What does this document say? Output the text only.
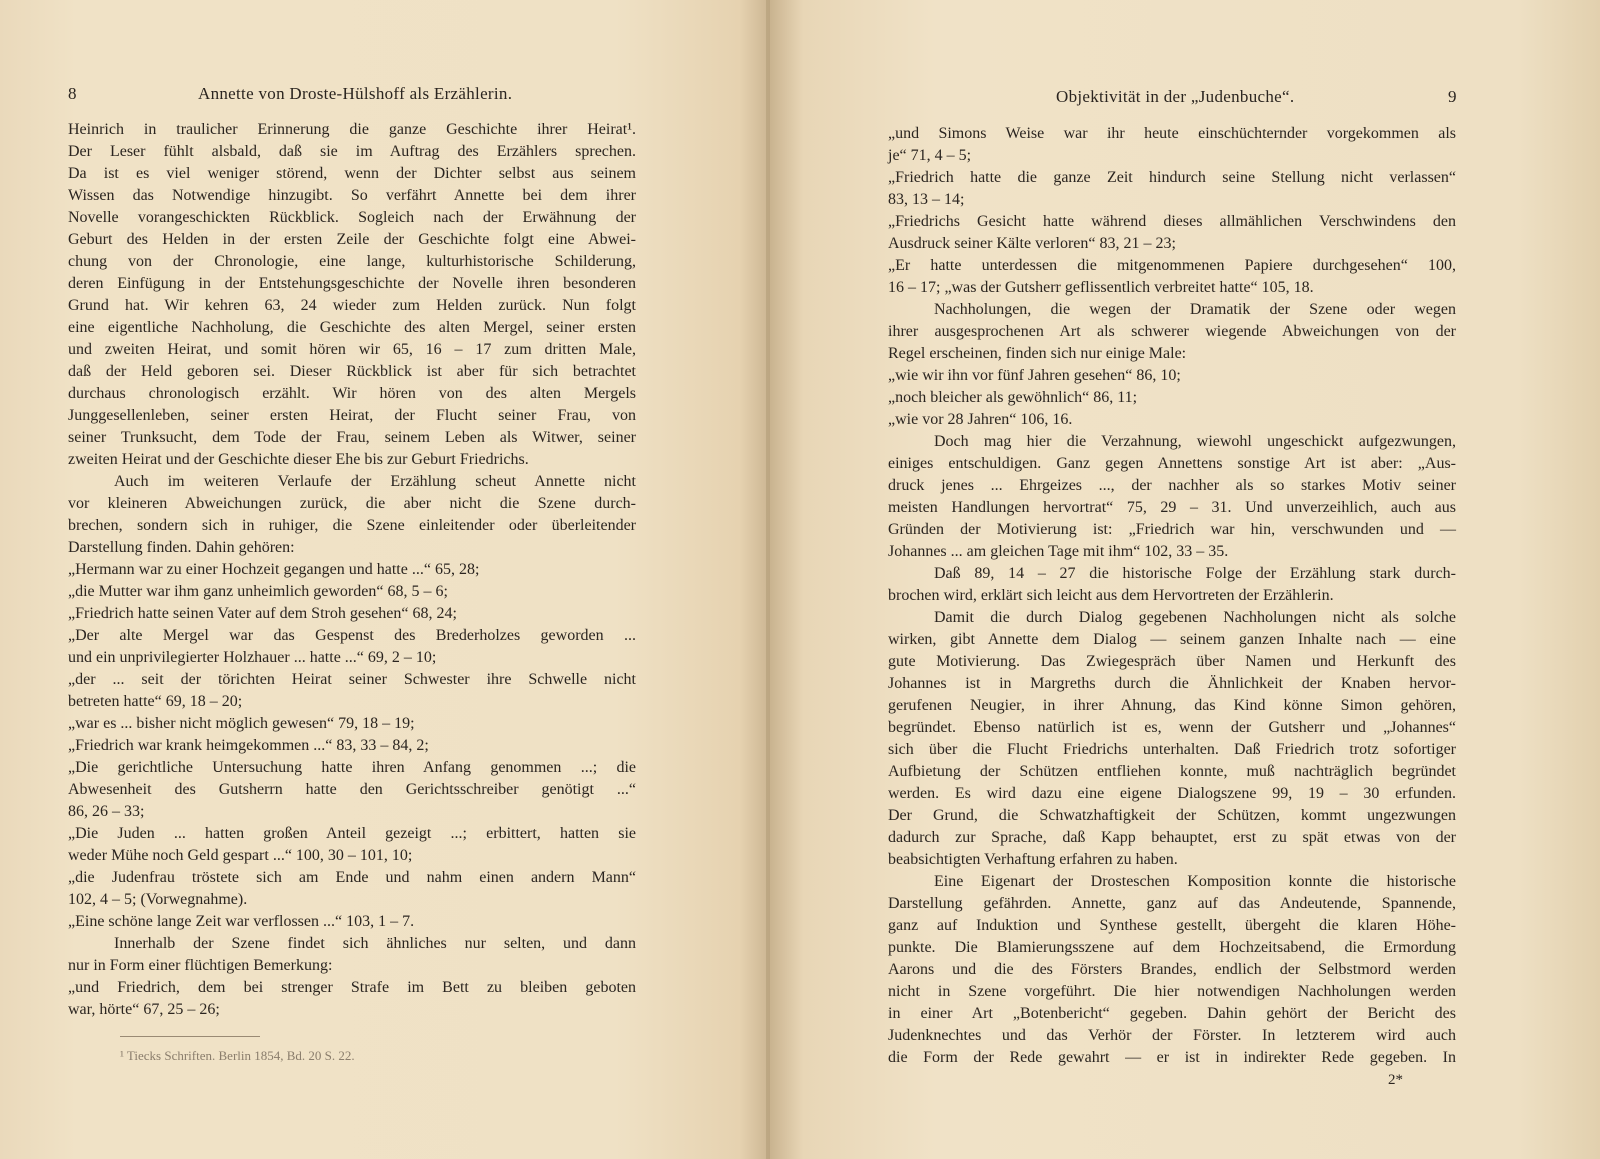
8	Annette von Droste-Hülshoff als Erzählerin.
Heinrich in traulicher Erinnerung die ganze Geschichte ihrer Heirat¹.
Der Leser fühlt alsbald, daß sie im Auftrag des Erzählers sprechen.
Da ist es viel weniger störend, wenn der Dichter selbst aus seinem
Wissen das Notwendige hinzugibt. So verfährt Annette bei dem ihrer
Novelle vorangeschickten Rückblick. Sogleich nach der Erwähnung der
Geburt des Helden in der ersten Zeile der Geschichte folgt eine Abwei-
chung von der Chronologie, eine lange, kulturhistorische Schilderung,
deren Einfügung in der Entstehungsgeschichte der Novelle ihren besonderen
Grund hat. Wir kehren 63, 24 wieder zum Helden zurück. Nun folgt
eine eigentliche Nachholung, die Geschichte des alten Mergel, seiner ersten
und zweiten Heirat, und somit hören wir 65, 16 – 17 zum dritten Male,
daß der Held geboren sei. Dieser Rückblick ist aber für sich betrachtet
durchaus chronologisch erzählt. Wir hören von des alten Mergels
Junggesellenleben, seiner ersten Heirat, der Flucht seiner Frau, von
seiner Trunksucht, dem Tode der Frau, seinem Leben als Witwer, seiner
zweiten Heirat und der Geschichte dieser Ehe bis zur Geburt Friedrichs.
Auch im weiteren Verlaufe der Erzählung scheut Annette nicht
vor kleineren Abweichungen zurück, die aber nicht die Szene durch-
brechen, sondern sich in ruhiger, die Szene einleitender oder überleitender
Darstellung finden. Dahin gehören:
„Hermann war zu einer Hochzeit gegangen und hatte ...“ 65, 28;
„die Mutter war ihm ganz unheimlich geworden“ 68, 5 – 6;
„Friedrich hatte seinen Vater auf dem Stroh gesehen“ 68, 24;
„Der alte Mergel war das Gespenst des Brederholzes geworden ...
und ein unprivilegierter Holzhauer ... hatte ...“ 69, 2 – 10;
„der ... seit der törichten Heirat seiner Schwester ihre Schwelle nicht
betreten hatte“ 69, 18 – 20;
„war es ... bisher nicht möglich gewesen“ 79, 18 – 19;
„Friedrich war krank heimgekommen ...“ 83, 33 – 84, 2;
„Die gerichtliche Untersuchung hatte ihren Anfang genommen ...; die
Abwesenheit des Gutsherrn hatte den Gerichtsschreiber genötigt ...“
86, 26 – 33;
„Die Juden ... hatten großen Anteil gezeigt ...; erbittert, hatten sie
weder Mühe noch Geld gespart ...“ 100, 30 – 101, 10;
„die Judenfrau tröstete sich am Ende und nahm einen andern Mann“
102, 4 – 5; (Vorwegnahme).
„Eine schöne lange Zeit war verflossen ...“ 103, 1 – 7.
Innerhalb der Szene findet sich ähnliches nur selten, und dann
nur in Form einer flüchtigen Bemerkung:
„und Friedrich, dem bei strenger Strafe im Bett zu bleiben geboten
war, hörte“ 67, 25 – 26;
¹ Tiecks Schriften. Berlin 1854, Bd. 20 S. 22.
Objektivität in der „Judenbuche“.	9
2*
„und Simons Weise war ihr heute einschüchternder vorgekommen als
je“ 71, 4 – 5;
„Friedrich hatte die ganze Zeit hindurch seine Stellung nicht verlassen“
83, 13 – 14;
„Friedrichs Gesicht hatte während dieses allmählichen Verschwindens den
Ausdruck seiner Kälte verloren“ 83, 21 – 23;
„Er hatte unterdessen die mitgenommenen Papiere durchgesehen“ 100,
16 – 17; „was der Gutsherr geflissentlich verbreitet hatte“ 105, 18.
Nachholungen, die wegen der Dramatik der Szene oder wegen
ihrer ausgesprochenen Art als schwerer wiegende Abweichungen von der
Regel erscheinen, finden sich nur einige Male:
„wie wir ihn vor fünf Jahren gesehen“ 86, 10;
„noch bleicher als gewöhnlich“ 86, 11;
„wie vor 28 Jahren“ 106, 16.
Doch mag hier die Verzahnung, wiewohl ungeschickt aufgezwungen,
einiges entschuldigen. Ganz gegen Annettens sonstige Art ist aber: „Aus-
druck jenes ... Ehrgeizes ..., der nachher als so starkes Motiv seiner
meisten Handlungen hervortrat“ 75, 29 – 31. Und unverzeihlich, auch aus
Gründen der Motivierung ist: „Friedrich war hin, verschwunden und —
Johannes ... am gleichen Tage mit ihm“ 102, 33 – 35.
Daß 89, 14 – 27 die historische Folge der Erzählung stark durch-
brochen wird, erklärt sich leicht aus dem Hervortreten der Erzählerin.
Damit die durch Dialog gegebenen Nachholungen nicht als solche
wirken, gibt Annette dem Dialog — seinem ganzen Inhalte nach — eine
gute Motivierung. Das Zwiegespräch über Namen und Herkunft des
Johannes ist in Margreths durch die Ähnlichkeit der Knaben hervor-
gerufenen Neugier, in ihrer Ahnung, das Kind könne Simon gehören,
begründet. Ebenso natürlich ist es, wenn der Gutsherr und „Johannes“
sich über die Flucht Friedrichs unterhalten. Daß Friedrich trotz sofortiger
Aufbietung der Schützen entfliehen konnte, muß nachträglich begründet
werden. Es wird dazu eine eigene Dialogszene 99, 19 – 30 erfunden.
Der Grund, die Schwatzhaftigkeit der Schützen, kommt ungezwungen
dadurch zur Sprache, daß Kapp behauptet, erst zu spät etwas von der
beabsichtigten Verhaftung erfahren zu haben.
Eine Eigenart der Drosteschen Komposition konnte die historische
Darstellung gefährden. Annette, ganz auf das Andeutende, Spannende,
ganz auf Induktion und Synthese gestellt, übergeht die klaren Höhe-
punkte. Die Blamierungsszene auf dem Hochzeitsabend, die Ermordung
Aarons und die des Försters Brandes, endlich der Selbstmord werden
nicht in Szene vorgeführt. Die hier notwendigen Nachholungen werden
in einer Art „Botenbericht“ gegeben. Dahin gehört der Bericht des
Judenknechtes und das Verhör der Förster. In letzterem wird auch
die Form der Rede gewahrt — er ist in indirekter Rede gegeben. In
